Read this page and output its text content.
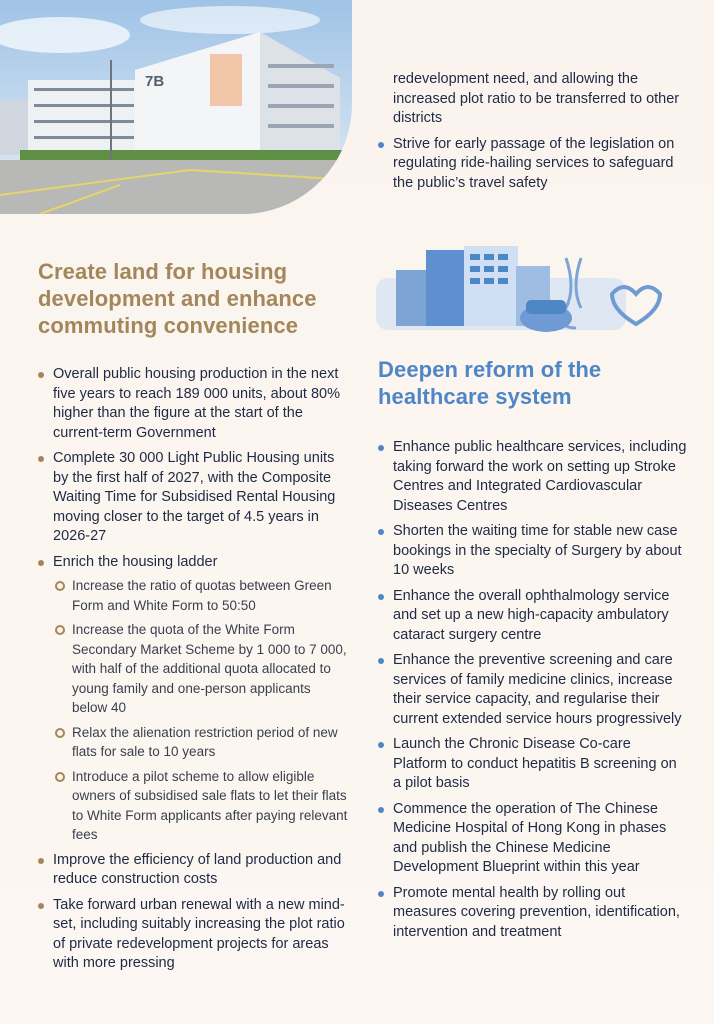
7B	redevelopment need, and allowing the increased plot ratio to be transferred to other districts
Strive for early passage of the legislation on regulating ride-hailing services to safeguard the public’s travel safety
Create land for housing development and enhance commuting convenience
Overall public housing production in the next five years to reach 189 000 units, about 80% higher than the figure at the start of the current-term Government
Complete 30 000 Light Public Housing units by the first half of 2027, with the Composite Waiting Time for Subsidised Rental Housing moving closer to the target of 4.5 years in 2026-27
Enrich the housing ladder
Increase the ratio of quotas between Green Form and White Form to 50:50
Increase the quota of the White Form Secondary Market Scheme by 1 000 to 7 000, with half of the additional quota allocated to young family and one-person applicants below 40
Relax the alienation restriction period of new flats for sale to 10 years
Introduce a pilot scheme to allow eligible owners of subsidised sale flats to let their flats to White Form applicants after paying relevant fees
Improve the efficiency of land production and reduce construction costs
Take forward urban renewal with a new mind-set, including suitably increasing the plot ratio of private redevelopment projects for areas with more pressing
Deepen reform of the healthcare system
Enhance public healthcare services, including taking forward the work on setting up Stroke Centres and Integrated Cardiovascular Diseases Centres
Shorten the waiting time for stable new case bookings in the specialty of Surgery by about 10 weeks
Enhance the overall ophthalmology service and set up a new high-capacity ambulatory cataract surgery centre
Enhance the preventive screening and care services of family medicine clinics, increase their service capacity, and regularise their current extended service hours progressively
Launch the Chronic Disease Co-care Platform to conduct hepatitis B screening on a pilot basis
Commence the operation of The Chinese Medicine Hospital of Hong Kong in phases and publish the Chinese Medicine Development Blueprint within this year
Promote mental health by rolling out measures covering prevention, identification, intervention and treatment
